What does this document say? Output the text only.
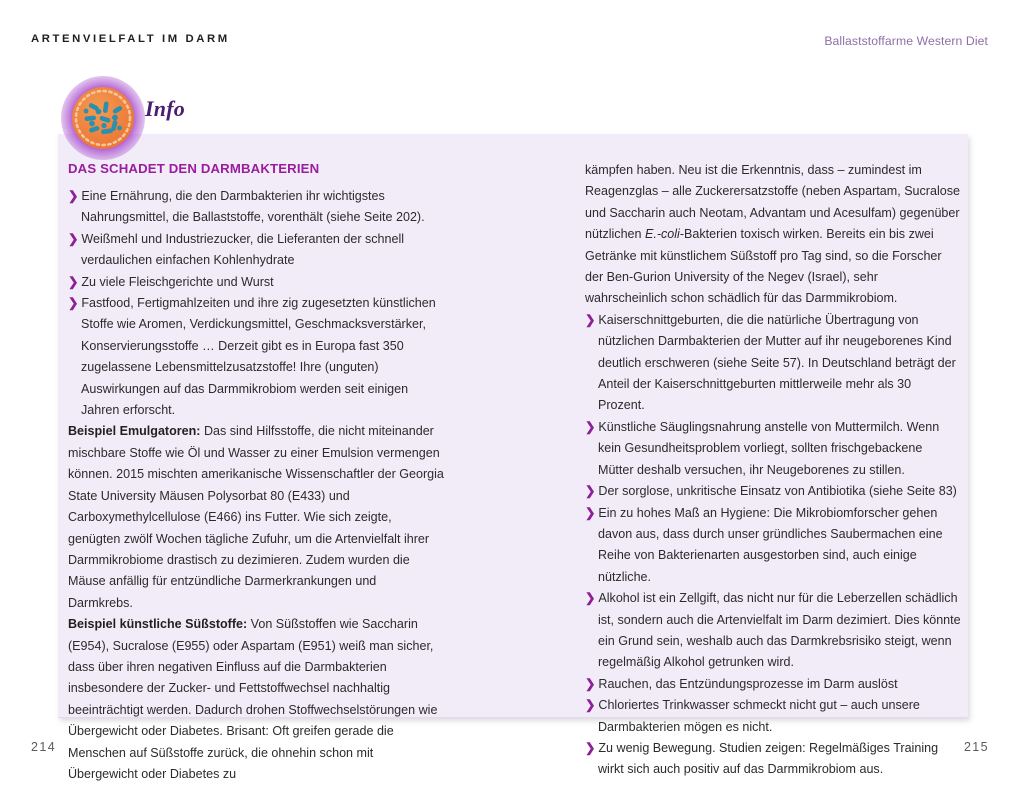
ARTENVIELFALT IM DARM	Ballaststoffarme Western Diet
Info
DAS SCHADET DEN DARMBAKTERIEN

❯ Eine Ernährung, die den Darmbakterien ihr wichtigstes Nahrungsmittel, die Ballaststoffe, vorenthält (siehe Seite 202).

❯ Weißmehl und Industriezucker, die Lieferanten der schnell verdaulichen einfachen Kohlenhydrate

❯ Zu viele Fleischgerichte und Wurst

❯ Fastfood, Fertigmahlzeiten und ihre zig zugesetzten künstlichen Stoffe wie Aromen, Verdickungsmittel, Geschmacksverstärker, Konservierungsstoffe … Derzeit gibt es in Europa fast 350 zugelassene Lebensmittelzusatzstoffe! Ihre (unguten) Auswirkungen auf das Darmmikrobiom werden seit einigen Jahren erforscht.

Beispiel Emulgatoren: Das sind Hilfsstoffe, die nicht miteinander mischbare Stoffe wie Öl und Wasser zu einer Emulsion vermengen können. 2015 mischten amerikanische Wissenschaftler der Georgia State University Mäusen Polysorbat 80 (E433) und Carboxymethylcellulose (E466) ins Futter. Wie sich zeigte, genügten zwölf Wochen tägliche Zufuhr, um die Artenvielfalt ihrer Darmmikrobiome drastisch zu dezimieren. Zudem wurden die Mäuse anfällig für entzündliche Darmerkrankungen und Darmkrebs.

Beispiel künstliche Süßstoffe: Von Süßstoffen wie Saccharin (E954), Sucralose (E955) oder Aspartam (E951) weiß man sicher, dass über ihren negativen Einfluss auf die Darmbakterien insbesondere der Zucker- und Fettstoffwechsel nachhaltig beeinträchtigt werden. Dadurch drohen Stoffwechselstörungen wie Übergewicht oder Diabetes. Brisant: Oft greifen gerade die Menschen auf Süßstoffe zurück, die ohnehin schon mit Übergewicht oder Diabetes zu

kämpfen haben. Neu ist die Erkenntnis, dass – zumindest im Reagenzglas – alle Zuckerersatzstoffe (neben Aspartam, Sucralose und Saccharin auch Neotam, Advantam und Acesulfam) gegenüber nützlichen E.-coli-Bakterien toxisch wirken. Bereits ein bis zwei Getränke mit künstlichem Süßstoff pro Tag sind, so die Forscher der Ben-Gurion University of the Negev (Israel), sehr wahrscheinlich schon schädlich für das Darmmikrobiom.

❯ Kaiserschnittgeburten, die die natürliche Übertragung von nützlichen Darmbakterien der Mutter auf ihr neugeborenes Kind deutlich erschweren (siehe Seite 57). In Deutschland beträgt der Anteil der Kaiserschnittgeburten mittlerweile mehr als 30 Prozent.

❯ Künstliche Säuglingsnahrung anstelle von Muttermilch. Wenn kein Gesundheitsproblem vorliegt, sollten frischgebackene Mütter deshalb versuchen, ihr Neugeborenes zu stillen.

❯ Der sorglose, unkritische Einsatz von Antibiotika (siehe Seite 83)

❯ Ein zu hohes Maß an Hygiene: Die Mikrobiomforscher gehen davon aus, dass durch unser gründliches Saubermachen eine Reihe von Bakterienarten ausgestorben sind, auch einige nützliche.

❯ Alkohol ist ein Zellgift, das nicht nur für die Leberzellen schädlich ist, sondern auch die Artenvielfalt im Darm dezimiert. Dies könnte ein Grund sein, weshalb auch das Darmkrebsrisiko steigt, wenn regelmäßig Alkohol getrunken wird.

❯ Rauchen, das Entzündungsprozesse im Darm auslöst

❯ Chloriertes Trinkwasser schmeckt nicht gut – auch unsere Darmbakterien mögen es nicht.

❯ Zu wenig Bewegung. Studien zeigen: Regelmäßiges Training wirkt sich auch positiv auf das Darmmikrobiom aus.

214	215
